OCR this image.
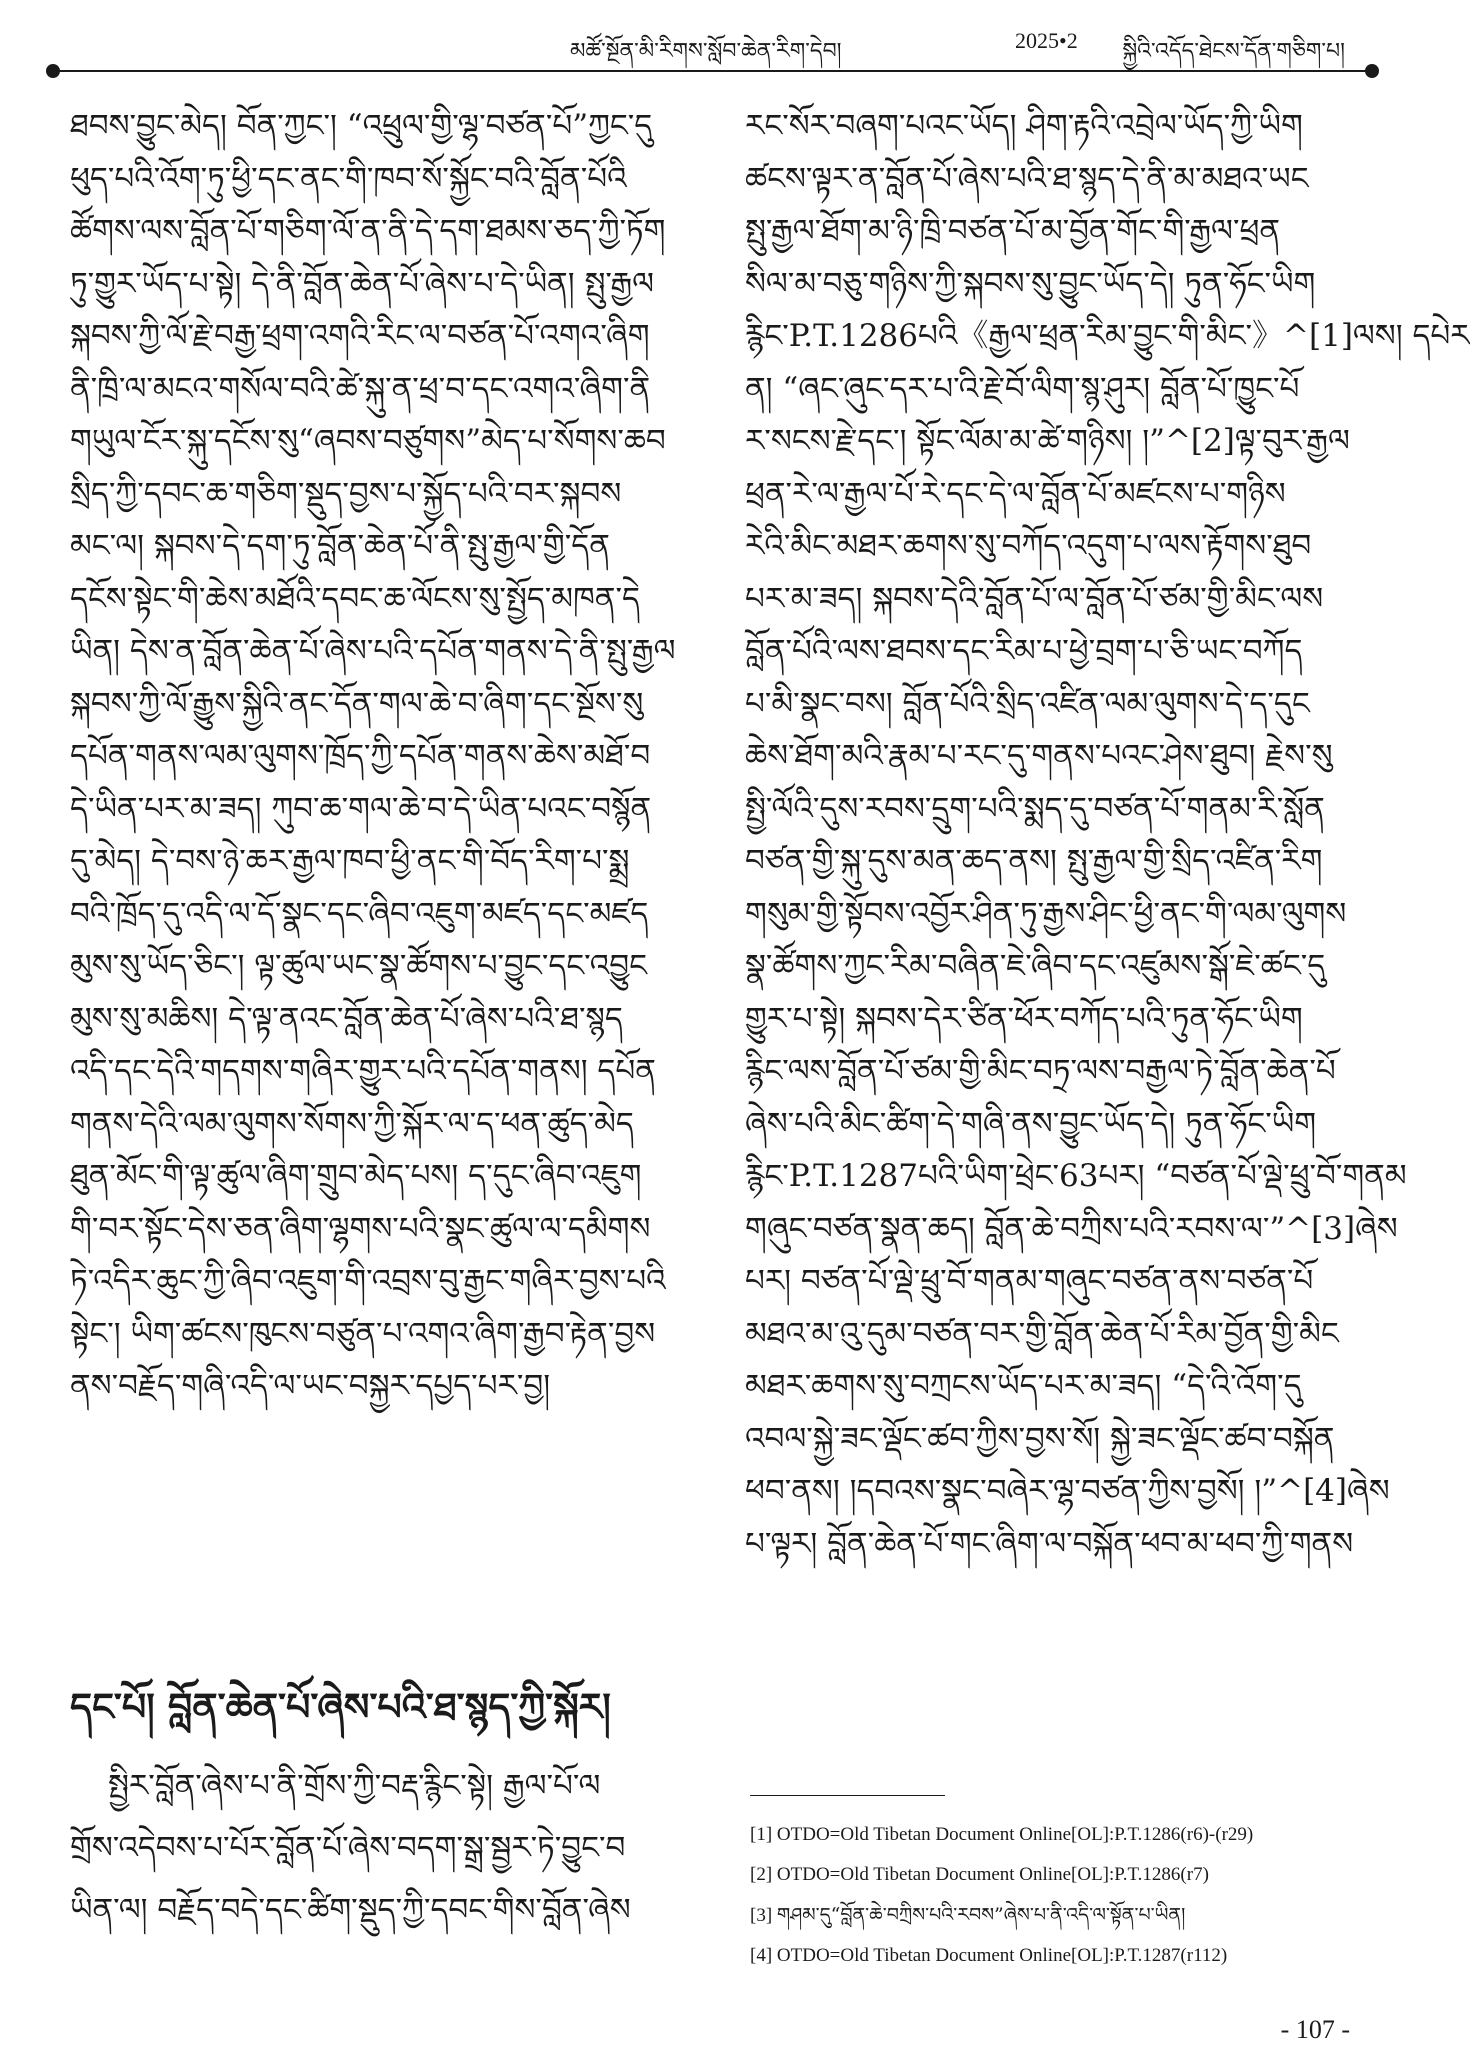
མཚོ་སྔོན་མི་རིགས་སློབ་ཆེན་རིག་དེབ།	2025•2 སྐྱིའི་འདོད་ཐེངས་དོན་གཅིག་པ།
ཐབས་བྱུང་མེད། བོན་ཀྱང་། “འཕྲུལ་གྱི་ལྷ་བཙན་པོ”ཀྱང་དུ
ཕུད་པའི་འོག་ཏུ་ཕྱི་དང་ནང་གི་ཁབ་སོ་སྐྱོང་བའི་བློན་པོའི
ཚོགས་ལས་བློན་པོ་གཅིག་ལོ་ན་ནི་དེ་དག་ཐམས་ཅད་ཀྱི་ཏོག
ཏུ་གྱུར་ཡོད་པ་སྟེ། དེ་ནི་བློན་ཆེན་པོ་ཞེས་པ་དེ་ཡིན། སྤུ་རྒྱལ
སྐབས་ཀྱི་ལོ་རྗེ་བརྒྱ་ཕྲག་འགའི་རིང་ལ་བཙན་པོ་འགའ་ཞིག
ནི་ཁྲི་ལ་མངའ་གསོལ་བའི་ཚེ་སྐུ་ན་ཕྲ་བ་དང་འགའ་ཞིག་ནི
གཡུལ་ངོར་སྐུ་དངོས་སུ“ཞབས་བཙུགས”མེད་པ་སོགས་ཆབ
སྲིད་ཀྱི་དབང་ཆ་གཅིག་སྡུད་བྱས་པ་སྐྱོད་པའི་བར་སྐབས
མང་ལ། སྐབས་དེ་དག་ཏུ་བློན་ཆེན་པོ་ནི་སྤུ་རྒྱལ་གྱི་དོན
དངོས་སྟེང་གི་ཆེས་མཐོའི་དབང་ཆ་ལོངས་སུ་སྤྱོད་མཁན་དེ
ཡིན། དེས་ན་བློན་ཆེན་པོ་ཞེས་པའི་དཔོན་གནས་དེ་ནི་སྤུ་རྒྱལ
སྐབས་ཀྱི་ལོ་རྒྱུས་སྐྱིའི་ནང་དོན་གལ་ཆེ་བ་ཞིག་དང་སྔོས་སུ
དཔོན་གནས་ལམ་ལུགས་ཁྲོད་ཀྱི་དཔོན་གནས་ཆེས་མཐོ་བ
དེ་ཡིན་པར་མ་ཟད། ཀུབ་ཆ་གལ་ཆེ་བ་དེ་ཡིན་པའང་བསྙོན
དུ་མེད། དེ་བས་ཉེ་ཆར་རྒྱལ་ཁབ་ཕྱི་ནང་གི་བོད་རིག་པ་སྨྲ
བའི་ཁྲོད་དུ་འདི་ལ་དོ་སྣང་དང་ཞིབ་འཇུག་མཛད་དང་མཛད
མུས་སུ་ཡོད་ཅིང་། ལྟ་ཚུལ་ཡང་སྣ་ཚོགས་པ་བྱུང་དང་འབྱུང
མུས་སུ་མཆིས། དེ་ལྟ་ནའང་བློན་ཆེན་པོ་ཞེས་པའི་ཐ་སྙད
འདི་དང་དེའི་གདགས་གཞིར་གྱུར་པའི་དཔོན་གནས། དཔོན
གནས་དེའི་ལམ་ལུགས་སོགས་ཀྱི་སྐོར་ལ་ད་ཕན་ཚུད་མེད
ཐུན་མོང་གི་ལྟ་ཚུལ་ཞིག་གྲུབ་མེད་པས། ད་དུང་ཞིབ་འཇུག
གི་བར་སྟོང་དེས་ཅན་ཞིག་ལྷགས་པའི་སྣང་ཚུལ་ལ་དམིགས
ཏེ་འདིར་ཆུང་ཀྱི་ཞིབ་འཇུག་གི་འབྲས་བུ་རྒྱང་གཞིར་བྱས་པའི
སྟེང་། ཡིག་ཚངས་ཁུངས་བཙུན་པ་འགའ་ཞིག་རྒྱབ་རྟེན་བྱས
ནས་བརྗོད་གཞི་འདི་ལ་ཡང་བསྐྱར་དཔྱད་པར་བྱ།
དང་པོ། བློན་ཆེན་པོ་ཞེས་པའི་ཐ་སྙད་ཀྱི་སྐོར།
སྤྱིར་བློན་ཞེས་པ་ནི་གྲོས་ཀྱི་བརྡ་རྙིང་སྟེ། རྒྱལ་པོ་ལ
གྲོས་འདེབས་པ་པོར་བློན་པོ་ཞེས་བདག་སྒྲ་སྦྱར་ཏེ་བྱུང་བ
ཡིན་ལ། བརྗོད་བདེ་དང་ཚིག་སྡུད་ཀྱི་དབང་གིས་བློན་ཞེས
རང་སོར་བཞག་པའང་ཡོད། ཤིག་རྟའི་འབྲེལ་ཡོད་ཀྱི་ཡིག
ཚངས་ལྟར་ན་བློན་པོ་ཞེས་པའི་ཐ་སྙད་དེ་ནི་མ་མཐའ་ཡང
སྤུ་རྒྱལ་ཐོག་མ་ཉི་ཁྲི་བཙན་པོ་མ་བྱོན་གོང་གི་རྒྱལ་ཕྲན
སིལ་མ་བཅུ་གཉིས་ཀྱི་སྐབས་སུ་བྱུང་ཡོད་དེ། ཏུན་ཧོང་ཡིག
རྙིང་P.T.1286པའི《རྒྱལ་ཕྲན་རིམ་བྱུང་གི་མིང་》^[1]ལས། དཔེར
ན། “ཞང་ཞུང་དར་པ་འི་རྗེ་བོ་ལིག་སྙ་ཤུར། བློན་པོ་ཁྱུང་པོ
ར་སངས་རྗེ་དང་། སྟོང་ལོམ་མ་ཚེ་གཉིས། །”^[2]ལྟ་བུར་རྒྱལ
ཕྲན་རེ་ལ་རྒྱལ་པོ་རེ་དང་དེ་ལ་བློན་པོ་མཛངས་པ་གཉིས
རེའི་མིང་མཐར་ཆགས་སུ་བཀོད་འདུག་པ་ལས་རྟོགས་ཐུབ
པར་མ་ཟད། སྐབས་དེའི་བློན་པོ་ལ་བློན་པོ་ཙམ་གྱི་མིང་ལས
བློན་པོའི་ལས་ཐབས་དང་རིམ་པ་ཕྱེ་བྲག་པ་ཅི་ཡང་བཀོད
པ་མི་སྣང་བས། བློན་པོའི་སྲིད་འཛིན་ལམ་ལུགས་དེ་ད་དུང
ཆེས་ཐོག་མའི་རྣམ་པ་རང་དུ་གནས་པའང་ཤེས་ཐུབ། རྗེས་སུ
སྤྱི་ལོའི་དུས་རབས་དྲུག་པའི་སྨད་དུ་བཙན་པོ་གནམ་རི་སློན
བཙན་གྱི་སྐུ་དུས་མན་ཆད་ནས། སྤུ་རྒྱལ་གྱི་སྲིད་འཛིན་རིག
གསུམ་གྱི་སྟོབས་འབྱོར་ཤིན་ཏུ་རྒྱས་ཤིང་ཕྱི་ནང་གི་ལམ་ལུགས
སྣ་ཚོགས་ཀྱང་རིམ་བཞིན་ཇེ་ཞིབ་དང་འཛུམས་སྒོ་ཇེ་ཚང་དུ
གྱུར་པ་སྟེ། སྐབས་དེར་ཙིན་ཕོར་བཀོད་པའི་ཏུན་ཧོང་ཡིག
རྙིང་ལས་བློན་པོ་ཙམ་གྱི་མིང་བཏྲ་ལས་བརྒྱལ་ཏེ་བློན་ཆེན་པོ
ཞེས་པའི་མིང་ཚིག་དེ་གཞི་ནས་བྱུང་ཡོད་དེ། ཏུན་ཧོང་ཡིག
རྙིང་P.T.1287པའི་ཡིག་ཕྲེང་63པར། “བཙན་པོ་ལྡེ་ཕྲུ་བོ་གནམ
གཞུང་བཙན་སྣན་ཆད། བློན་ཆེ་བཀྲིས་པའི་རབས་ལ་”^[3]ཞེས
པར། བཙན་པོ་ལྡེ་ཕྲུ་བོ་གནམ་གཞུང་བཙན་ནས་བཙན་པོ
མཐའ་མ་འུ་དུམ་བཙན་བར་གྱི་བློན་ཆེན་པོ་རིམ་བྱོན་གྱི་མིང
མཐར་ཆགས་སུ་བཀྲངས་ཡོད་པར་མ་ཟད། “དེ་འི་འོག་དུ
འབལ་སྐྱེ་ཟང་ལྡོང་ཚབ་ཀྱིས་བྱས་སོ། སྐྱེ་ཟང་ལྡོང་ཚབ་བསྐོན
ཕབ་ནས། །དབའས་སྣང་བཞེར་ལྷ་བཙན་ཀྱིས་བྱསོ། །”^[4]ཞེས
པ་ལྟར། བློན་ཆེན་པོ་གང་ཞིག་ལ་བསྐོན་ཕབ་མ་ཕབ་ཀྱི་གནས
[1] OTDO=Old Tibetan Document Online[OL]:P.T.1286(r6)-(r29)
[2] OTDO=Old Tibetan Document Online[OL]:P.T.1286(r7)
[3] གཤམ་དུ“བློན་ཆེ་བཀྲིས་པའི་རབས”ཞེས་པ་ནི་འདི་ལ་སྟོན་པ་ཡིན།
[4] OTDO=Old Tibetan Document Online[OL]:P.T.1287(r112)
- 107 -
